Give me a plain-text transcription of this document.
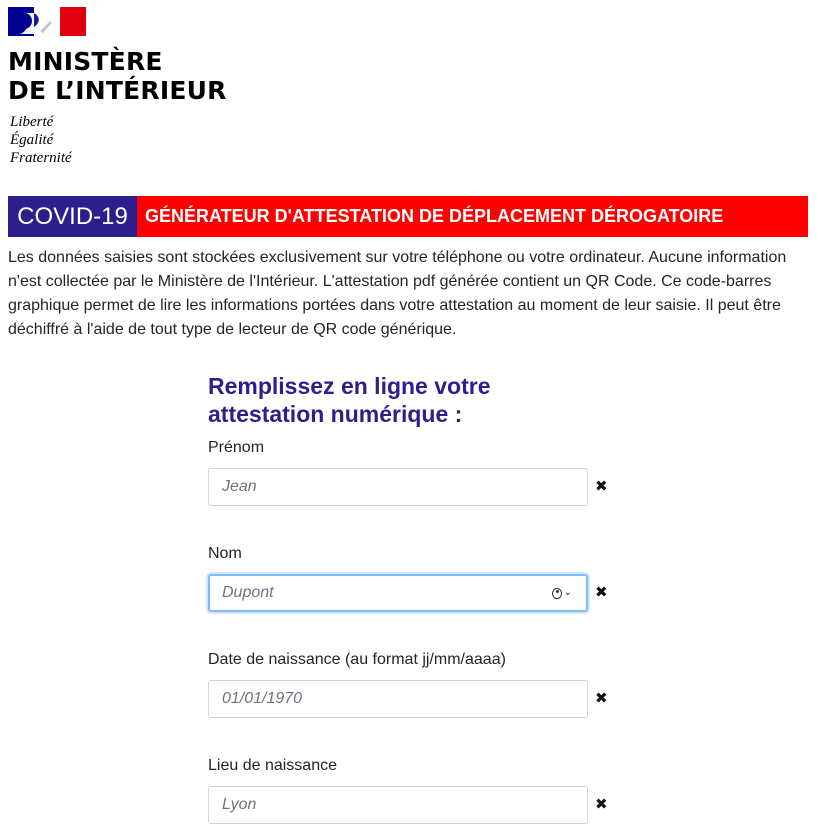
MINISTÈRE
DE L’INTÉRIEUR
Liberté
Égalité
Fraternité
COVID-19 GÉNÉRATEUR D'ATTESTATION DE DÉPLACEMENT DÉROGATOIRE

Les données saisies sont stockées exclusivement sur votre téléphone ou votre ordinateur. Aucune information n'est collectée par le Ministère de l'Intérieur. L'attestation pdf générée contient un QR Code. Ce code-barres graphique permet de lire les informations portées dans votre attestation au moment de leur saisie. Il peut être déchiffré à l'aide de tout type de lecteur de QR code générique.

Remplissez en ligne votre attestation numérique :
Prénom
Jean	✖
Nom
Dupont	⌄ ✖
Date de naissance (au format jj/mm/aaaa)
01/01/1970	✖
Lieu de naissance
Lyon	✖
